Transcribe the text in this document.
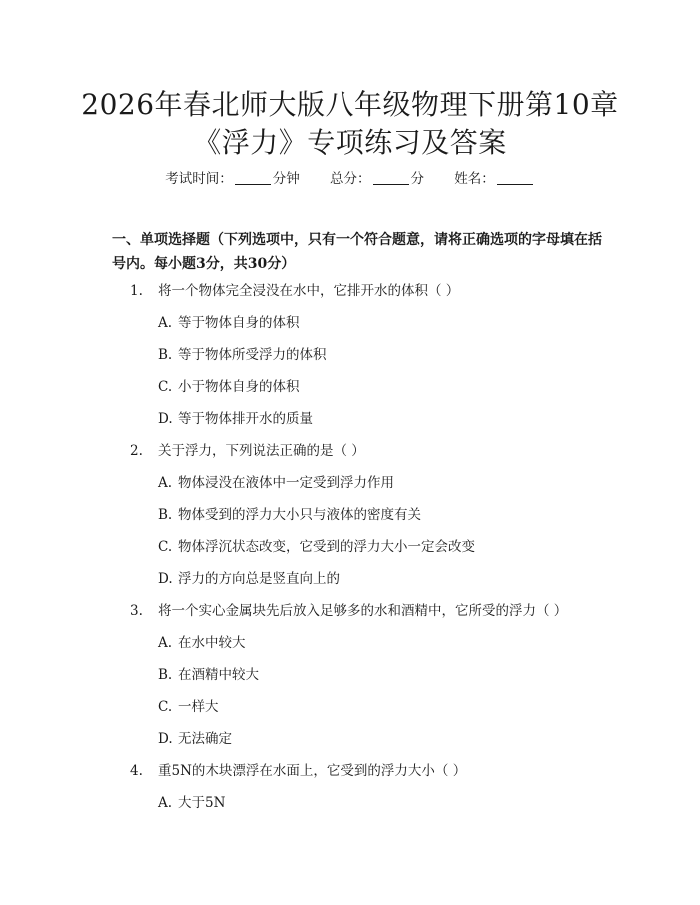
2026年春北师大版八年级物理下册第10章
《浮力》专项练习及答案
考试时间：	分钟 总分：	分 姓名：

一、单项选择题（下列选项中，只有一个符合题意，请将正确选项的字母填在括号内。每小题3分，共30分）

1. 将一个物体完全浸没在水中，它排开水的体积（ ）
A. 等于物体自身的体积
B. 等于物体所受浮力的体积
C. 小于物体自身的体积
D. 等于物体排开水的质量
2. 关于浮力，下列说法正确的是（ ）
A. 物体浸没在液体中一定受到浮力作用
B. 物体受到的浮力大小只与液体的密度有关
C. 物体浮沉状态改变，它受到的浮力大小一定会改变
D. 浮力的方向总是竖直向上的
3. 将一个实心金属块先后放入足够多的水和酒精中，它所受的浮力（ ）
A. 在水中较大
B. 在酒精中较大
C. 一样大
D. 无法确定
4. 重5N的木块漂浮在水面上，它受到的浮力大小（ ）
A. 大于5N
